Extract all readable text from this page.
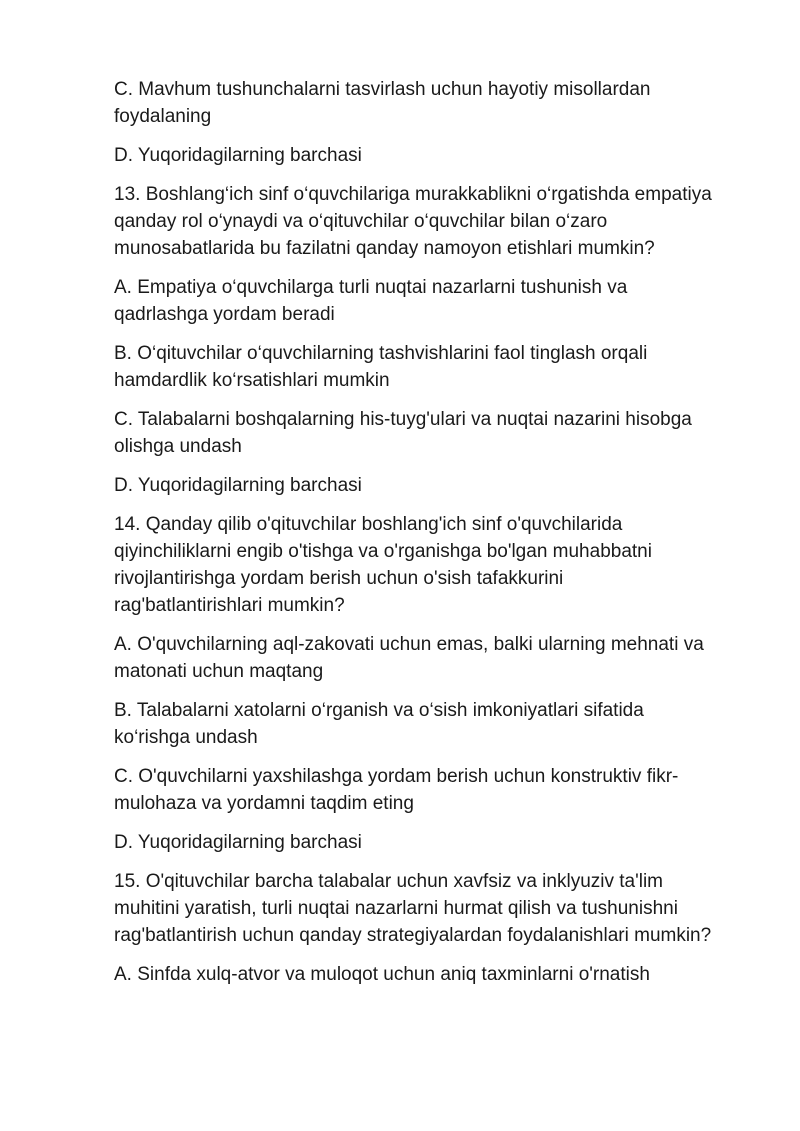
C. Mavhum tushunchalarni tasvirlash uchun hayotiy misollardan
foydalaning

D. Yuqoridagilarning barchasi

13. Boshlang‘ich sinf o‘quvchilariga murakkablikni o‘rgatishda empatiya
qanday rol o‘ynaydi va o‘qituvchilar o‘quvchilar bilan o‘zaro
munosabatlarida bu fazilatni qanday namoyon etishlari mumkin?

A. Empatiya o‘quvchilarga turli nuqtai nazarlarni tushunish va
qadrlashga yordam beradi

B. O‘qituvchilar o‘quvchilarning tashvishlarini faol tinglash orqali
hamdardlik ko‘rsatishlari mumkin

C. Talabalarni boshqalarning his-tuyg'ulari va nuqtai nazarini hisobga
olishga undash

D. Yuqoridagilarning barchasi

14. Qanday qilib o'qituvchilar boshlang'ich sinf o'quvchilarida
qiyinchiliklarni engib o'tishga va o'rganishga bo'lgan muhabbatni
rivojlantirishga yordam berish uchun o'sish tafakkurini
rag'batlantirishlari mumkin?

A. O'quvchilarning aql-zakovati uchun emas, balki ularning mehnati va
matonati uchun maqtang

B. Talabalarni xatolarni o‘rganish va o‘sish imkoniyatlari sifatida
ko‘rishga undash

C. O'quvchilarni yaxshilashga yordam berish uchun konstruktiv fikr-
mulohaza va yordamni taqdim eting

D. Yuqoridagilarning barchasi

15. O'qituvchilar barcha talabalar uchun xavfsiz va inklyuziv ta'lim
muhitini yaratish, turli nuqtai nazarlarni hurmat qilish va tushunishni
rag'batlantirish uchun qanday strategiyalardan foydalanishlari mumkin?

A. Sinfda xulq-atvor va muloqot uchun aniq taxminlarni o'rnatish
